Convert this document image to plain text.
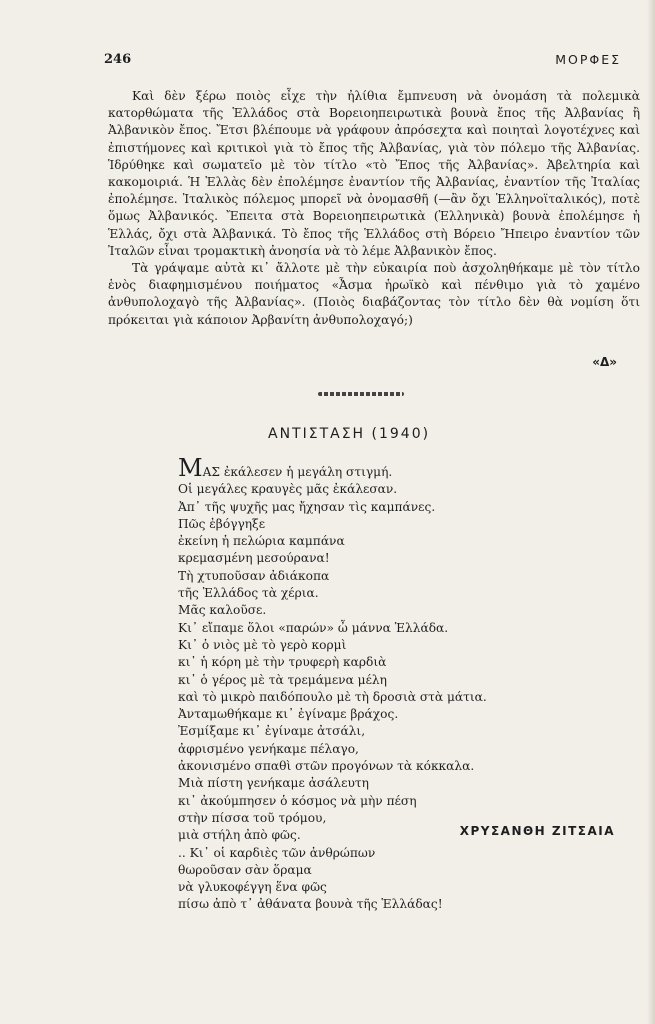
246	ΜΟΡΦΕΣ

Καὶ δὲν ξέρω ποιὸς εἶχε τὴν ἠλίθια ἔμπνευση νὰ ὀνομάση τὰ πολεμικὰ κατορθώματα τῆς Ἑλλάδος στὰ Βορειοηπειρωτικὰ βουνὰ ἔπος τῆς Ἀλβανίας ἢ Ἀλβανικὸν ἔπος. Ἔτσι βλέπουμε νὰ γράφουν ἀπρόσεχτα καὶ ποιηταὶ λογοτέχνες καὶ ἐπιστήμονες καὶ κριτικοὶ γιὰ τὸ ἔπος τῆς Ἀλβανίας, γιὰ τὸν πόλεμο τῆς Ἀλβανίας. Ἱδρύθηκε καὶ σωματεῖο μὲ τὸν τίτλο «τὸ Ἔπος τῆς Ἀλβανίας». Ἀβελτηρία καὶ κακομοιριά. Ἡ Ἑλλὰς δὲν ἐπολέμησε ἐναντίον τῆς Ἀλβανίας, ἐναντίον τῆς Ἰταλίας ἐπολέμησε. Ἰταλικὸς πόλεμος μπορεῖ νὰ ὀνομασθῆ (—ἂν ὄχι Ἑλληνοϊταλικός), ποτὲ ὅμως Ἀλβανικός. Ἔπειτα στὰ Βορειοηπειρωτικὰ (Ἑλληνικὰ) βουνὰ ἐπολέμησε ἡ Ἑλλάς, ὄχι στὰ Ἀλβανικά. Τὸ ἔπος τῆς Ἑλλάδος στὴ Βόρειο Ἤπειρο ἐναντίον τῶν Ἰταλῶν εἶναι τρομακτικὴ ἀνοησία νὰ τὸ λέμε Ἀλβανικὸν ἔπος.

Τὰ γράψαμε αὐτὰ κι᾿ ἄλλοτε μὲ τὴν εὐκαιρία ποὺ ἀσχοληθήκαμε μὲ τὸν τίτλο ἑνὸς διαφημισμένου ποιήματος «Ἆσμα ἡρωϊκὸ καὶ πένθιμο γιὰ τὸ χαμένο ἀνθυπολοχαγὸ τῆς Ἀλβανίας». (Ποιὸς διαβάζοντας τὸν τίτλο δὲν θὰ νομίση ὅτι πρόκειται γιὰ κάποιον Ἀρβανίτη ἀνθυπολοχαγό;)

«Δ»
ΑΝΤΙΣΤΑΣΗ (1940)
ΜΑΣ ἐκάλεσεν ἡ μεγάλη στιγμή.
Οἱ μεγάλες κραυγὲς μᾶς ἐκάλεσαν.
Ἀπ᾿ τῆς ψυχῆς μας ἤχησαν τὶς καμπάνες.
Πῶς ἐβόγγηξε
ἐκείνη ἡ πελώρια καμπάνα
κρεμασμένη μεσούρανα!
Τὴ χτυποῦσαν ἀδιάκοπα
τῆς Ἑλλάδος τὰ χέρια.
Μᾶς καλοῦσε.
Κι᾿ εἴπαμε ὅλοι «παρών» ὦ μάννα Ἑλλάδα.
Κι᾿ ὁ νιὸς μὲ τὸ γερὸ κορμὶ
κι᾿ ἡ κόρη μὲ τὴν τρυφερὴ καρδιὰ
κι᾿ ὁ γέρος μὲ τὰ τρεμάμενα μέλη
καὶ τὸ μικρὸ παιδόπουλο μὲ τὴ δροσιὰ στὰ μάτια.
Ἀνταμωθήκαμε κι᾿ ἐγίναμε βράχος.
Ἐσμίξαμε κι᾿ ἐγίναμε ἀτσάλι,
ἀφρισμένο γενήκαμε πέλαγο,
ἀκονισμένο σπαθὶ στῶν προγόνων τὰ κόκκαλα.
Μιὰ πίστη γενήκαμε ἀσάλευτη
κι᾿ ἀκούμπησεν ὁ κόσμος νὰ μὴν πέση
στὴν πίσσα τοῦ τρόμου,
μιὰ στήλη ἀπὸ φῶς.
.. Κι᾿ οἱ καρδιὲς τῶν ἀνθρώπων
θωροῦσαν σὰν ὅραμα
νὰ γλυκοφέγγη ἕνα φῶς
πίσω ἀπὸ τ᾿ ἀθάνατα βουνὰ τῆς Ἑλλάδας!
ΧΡΥΣΑΝΘΗ ΖΙΤΣΑΙΑ
